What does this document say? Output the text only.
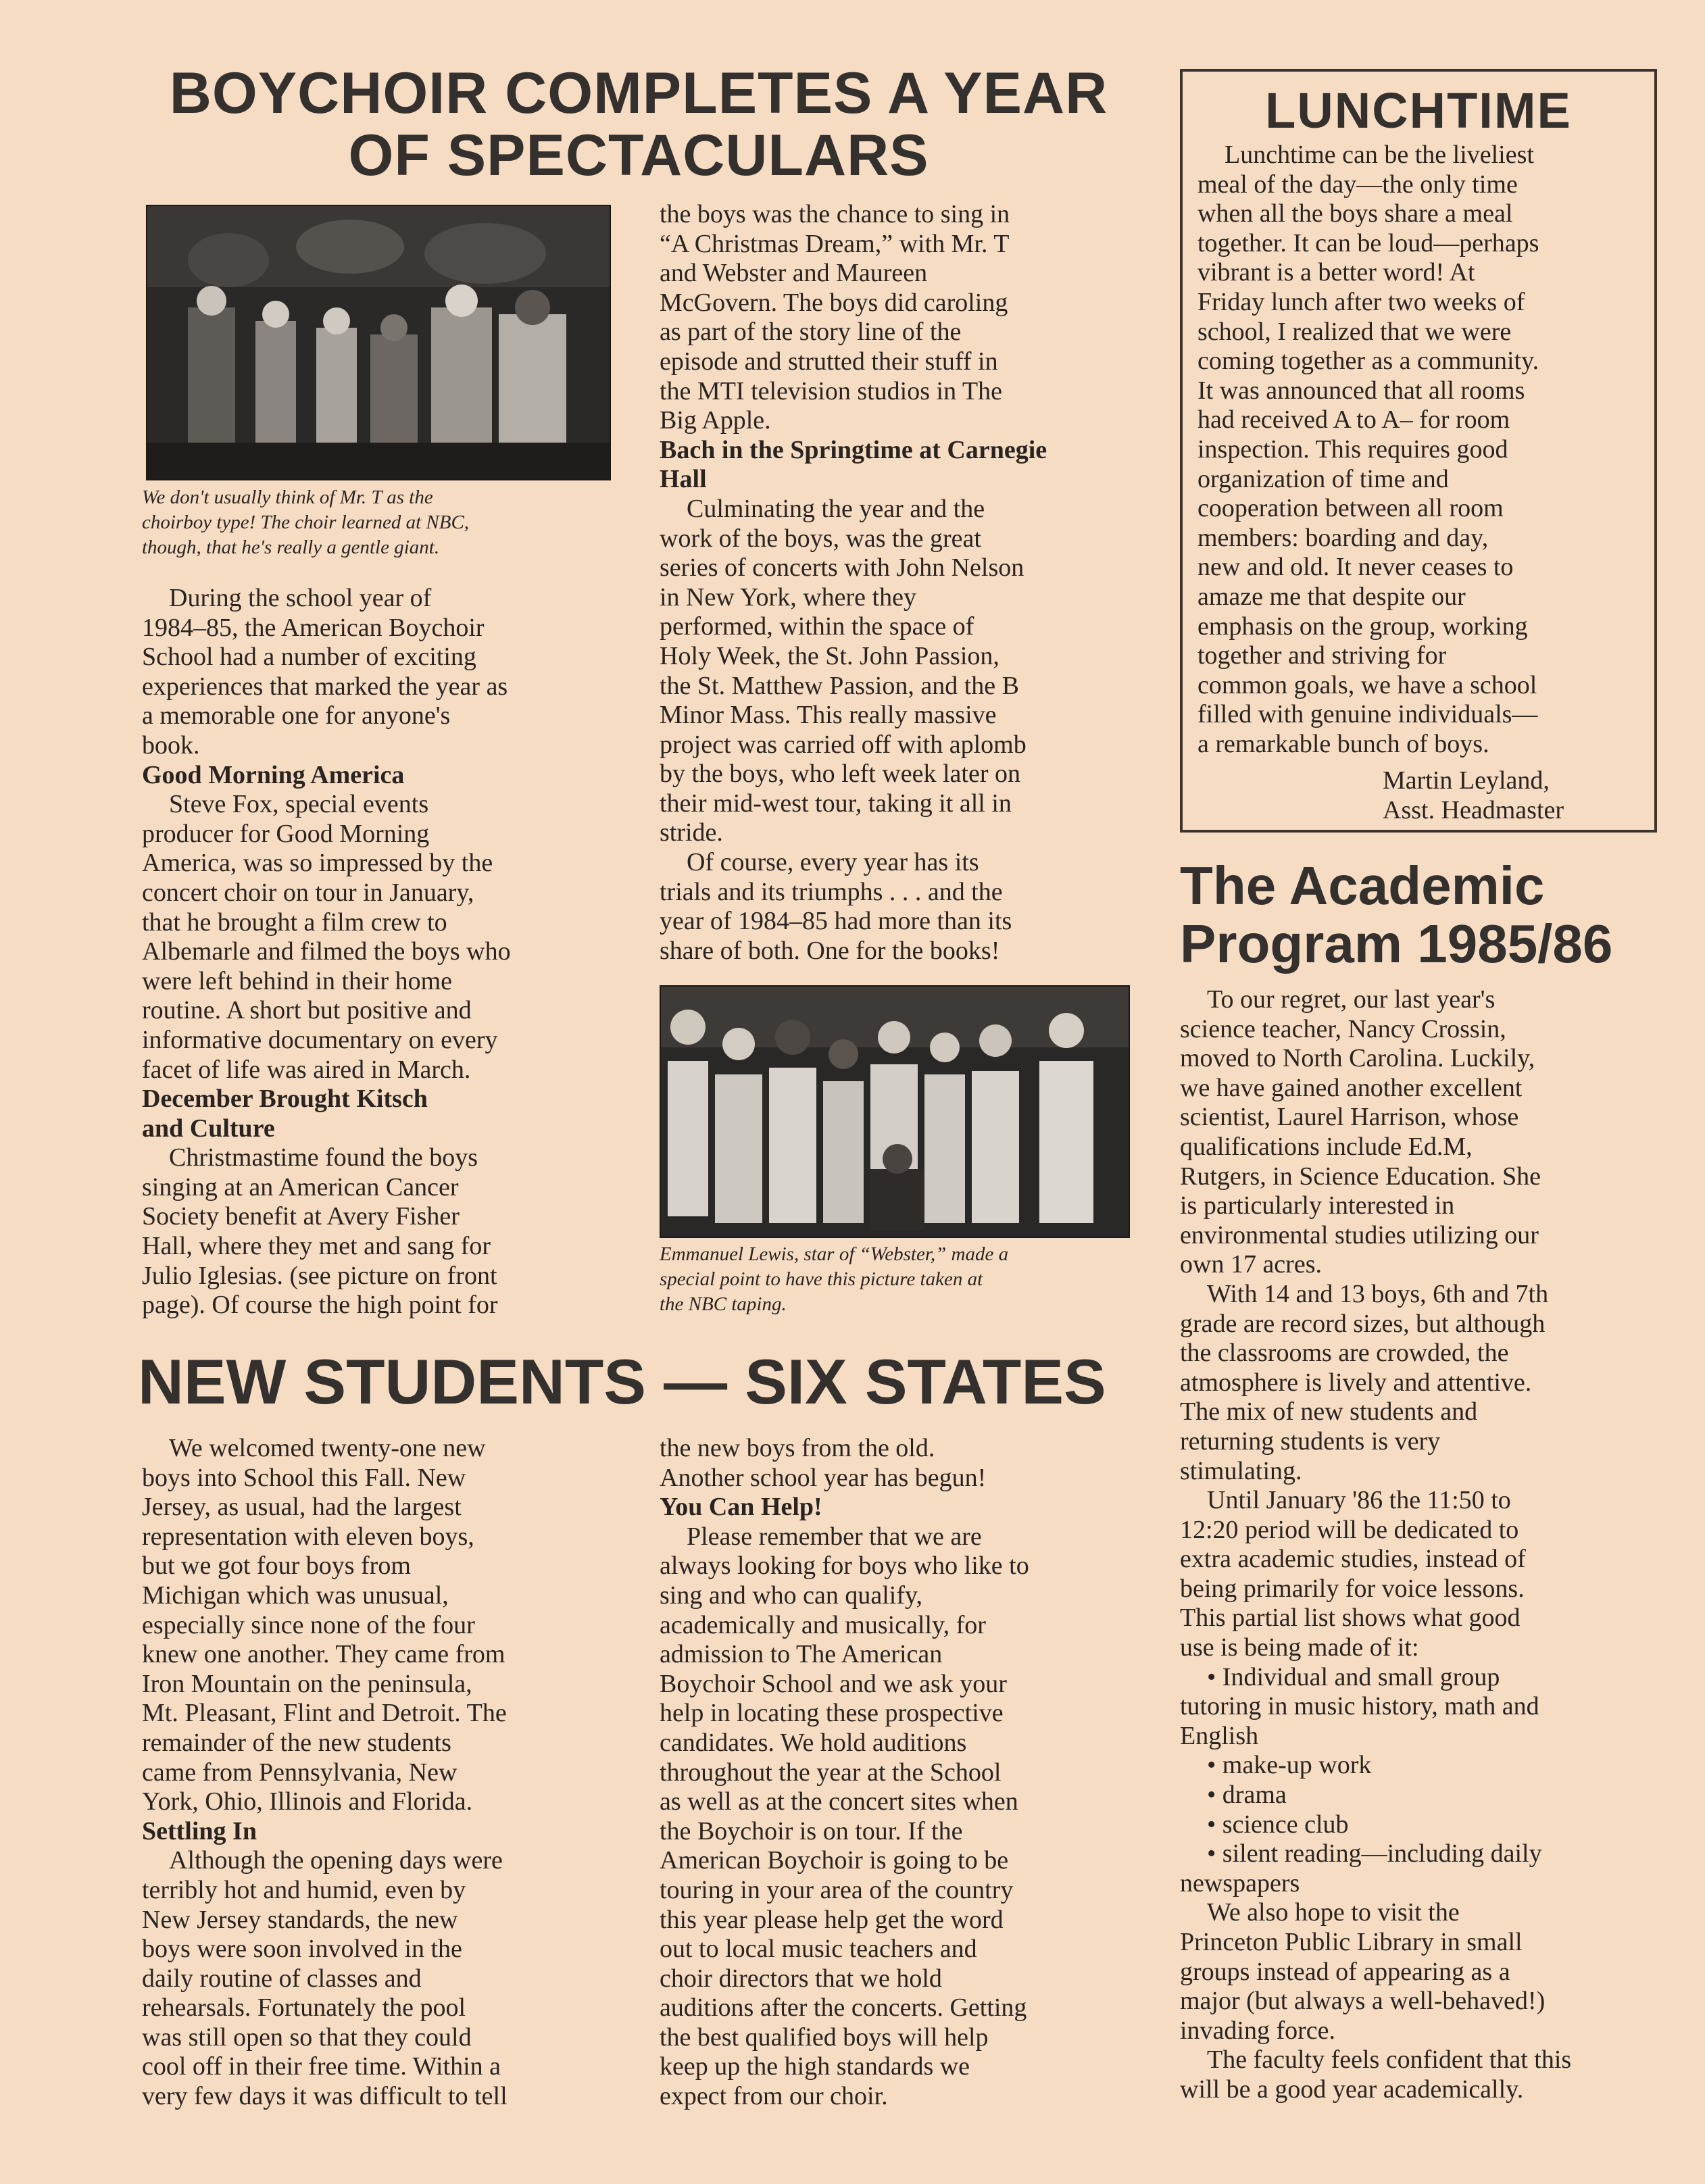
BOYCHOIR COMPLETES A YEAR
OF SPECTACULARS
We don't usually think of Mr. T as the
choirboy type! The choir learned at NBC,
though, that he's really a gentle giant.

During the school year of

1984–85, the American Boychoir

School had a number of exciting

experiences that marked the year as

a memorable one for anyone's

book.

Good Morning America

Steve Fox, special events

producer for Good Morning

America, was so impressed by the

concert choir on tour in January,

that he brought a film crew to

Albemarle and filmed the boys who

were left behind in their home

routine. A short but positive and

informative documentary on every

facet of life was aired in March.

December Brought Kitsch

and Culture

Christmastime found the boys

singing at an American Cancer

Society benefit at Avery Fisher

Hall, where they met and sang for

Julio Iglesias. (see picture on front

page). Of course the high point for

the boys was the chance to sing in

“A Christmas Dream,” with Mr. T

and Webster and Maureen

McGovern. The boys did caroling

as part of the story line of the

episode and strutted their stuff in

the MTI television studios in The

Big Apple.

Bach in the Springtime at Carnegie

Hall

Culminating the year and the

work of the boys, was the great

series of concerts with John Nelson

in New York, where they

performed, within the space of

Holy Week, the St. John Passion,

the St. Matthew Passion, and the B

Minor Mass. This really massive

project was carried off with aplomb

by the boys, who left week later on

their mid-west tour, taking it all in

stride.

Of course, every year has its

trials and its triumphs . . . and the

year of 1984–85 had more than its

share of both. One for the books!

Emmanuel Lewis, star of “Webster,” made a
special point to have this picture taken at
the NBC taping.
NEW STUDENTS — SIX STATES

We welcomed twenty-one new

boys into School this Fall. New

Jersey, as usual, had the largest

representation with eleven boys,

but we got four boys from

Michigan which was unusual,

especially since none of the four

knew one another. They came from

Iron Mountain on the peninsula,

Mt. Pleasant, Flint and Detroit. The

remainder of the new students

came from Pennsylvania, New

York, Ohio, Illinois and Florida.

Settling In

Although the opening days were

terribly hot and humid, even by

New Jersey standards, the new

boys were soon involved in the

daily routine of classes and

rehearsals. Fortunately the pool

was still open so that they could

cool off in their free time. Within a

very few days it was difficult to tell

the new boys from the old.

Another school year has begun!

You Can Help!

Please remember that we are

always looking for boys who like to

sing and who can qualify,

academically and musically, for

admission to The American

Boychoir School and we ask your

help in locating these prospective

candidates. We hold auditions

throughout the year at the School

as well as at the concert sites when

the Boychoir is on tour. If the

American Boychoir is going to be

touring in your area of the country

this year please help get the word

out to local music teachers and

choir directors that we hold

auditions after the concerts. Getting

the best qualified boys will help

keep up the high standards we

expect from our choir.

LUNCHTIME

Lunchtime can be the liveliest

meal of the day—the only time

when all the boys share a meal

together. It can be loud—perhaps

vibrant is a better word! At

Friday lunch after two weeks of

school, I realized that we were

coming together as a community.

It was announced that all rooms

had received A to A– for room

inspection. This requires good

organization of time and

cooperation between all room

members: boarding and day,

new and old. It never ceases to

amaze me that despite our

emphasis on the group, working

together and striving for

common goals, we have a school

filled with genuine individuals—

a remarkable bunch of boys.

Martin Leyland,

Asst. Headmaster

The Academic
Program 1985/86

To our regret, our last year's

science teacher, Nancy Crossin,

moved to North Carolina. Luckily,

we have gained another excellent

scientist, Laurel Harrison, whose

qualifications include Ed.M,

Rutgers, in Science Education. She

is particularly interested in

environmental studies utilizing our

own 17 acres.

With 14 and 13 boys, 6th and 7th

grade are record sizes, but although

the classrooms are crowded, the

atmosphere is lively and attentive.

The mix of new students and

returning students is very

stimulating.

Until January '86 the 11:50 to

12:20 period will be dedicated to

extra academic studies, instead of

being primarily for voice lessons.

This partial list shows what good

use is being made of it:

• Individual and small group

tutoring in music history, math and

English

• make-up work

• drama

• science club

• silent reading—including daily

newspapers

We also hope to visit the

Princeton Public Library in small

groups instead of appearing as a

major (but always a well-behaved!)

invading force.

The faculty feels confident that this

will be a good year academically.
